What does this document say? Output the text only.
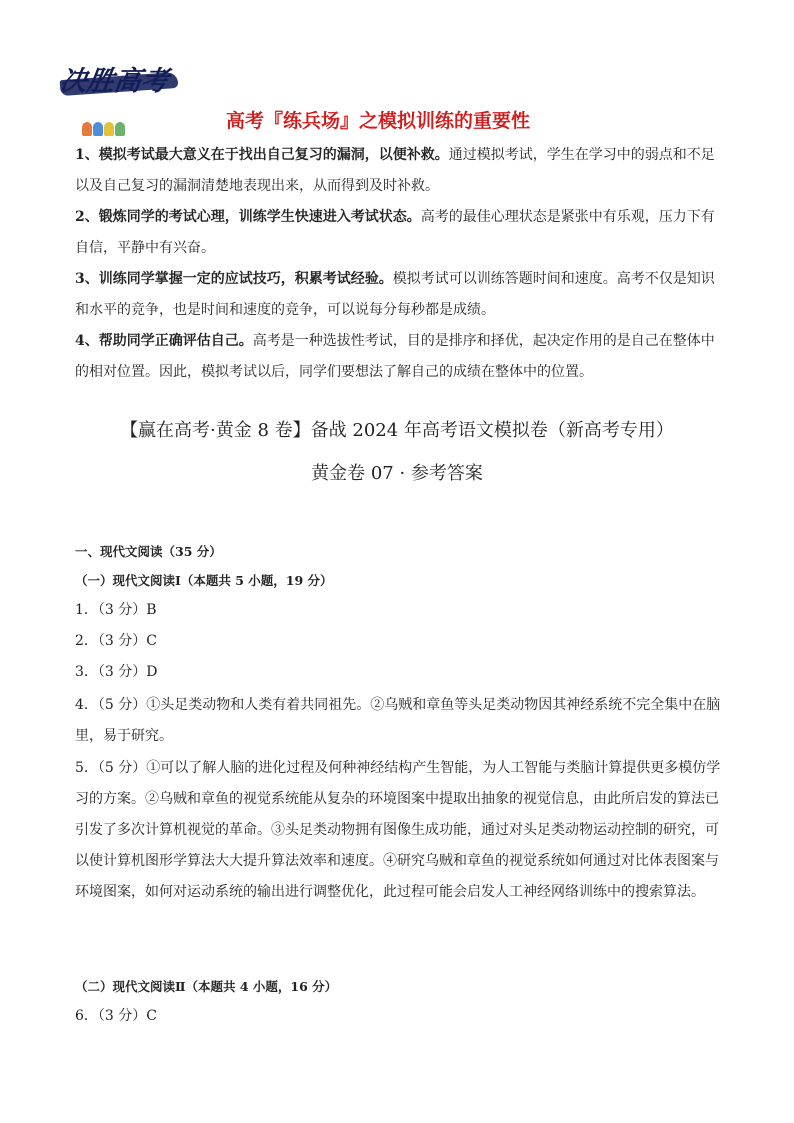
决胜高考
高考『练兵场』之模拟训练的重要性

1、模拟考试最大意义在于找出自己复习的漏洞，以便补救。通过模拟考试，学生在学习中的弱点和不足以及自己复习的漏洞清楚地表现出来，从而得到及时补救。

2、锻炼同学的考试心理，训练学生快速进入考试状态。高考的最佳心理状态是紧张中有乐观，压力下有自信，平静中有兴奋。

3、训练同学掌握一定的应试技巧，积累考试经验。模拟考试可以训练答题时间和速度。高考不仅是知识和水平的竞争，也是时间和速度的竞争，可以说每分每秒都是成绩。

4、帮助同学正确评估自己。高考是一种选拔性考试，目的是排序和择优，起决定作用的是自己在整体中的相对位置。因此，模拟考试以后，同学们要想法了解自己的成绩在整体中的位置。

【赢在高考·黄金 8 卷】备战 2024 年高考语文模拟卷（新高考专用）

黄金卷 07 · 参考答案

一、现代文阅读（35 分）

（一）现代文阅读Ⅰ（本题共 5 小题，19 分）

1．（3 分）B

2．（3 分）C

3．（3 分）D

4．（5 分）①头足类动物和人类有着共同祖先。②乌贼和章鱼等头足类动物因其神经系统不完全集中在脑里，易于研究。

5．（5 分）①可以了解人脑的进化过程及何种神经结构产生智能，为人工智能与类脑计算提供更多模仿学习的方案。②乌贼和章鱼的视觉系统能从复杂的环境图案中提取出抽象的视觉信息，由此所启发的算法已引发了多次计算机视觉的革命。③头足类动物拥有图像生成功能，通过对头足类动物运动控制的研究，可以使计算机图形学算法大大提升算法效率和速度。④研究乌贼和章鱼的视觉系统如何通过对比体表图案与环境图案，如何对运动系统的输出进行调整优化，此过程可能会启发人工神经网络训练中的搜索算法。

（二）现代文阅读Ⅱ（本题共 4 小题，16 分）

6．（3 分）C
